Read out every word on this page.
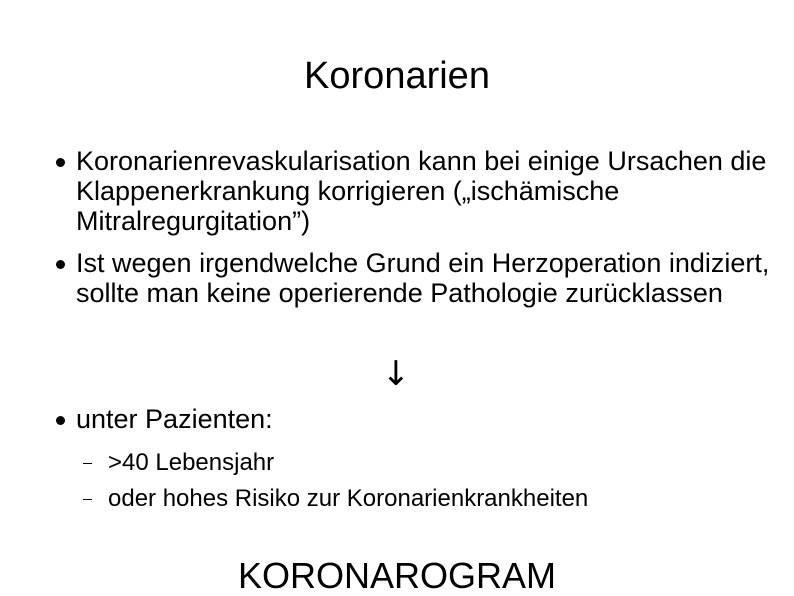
Koronarien
Koronarienrevaskularisation kann bei einige Ursachen die Klappenerkrankung korrigieren („ischämische Mitralregurgitation”)
Ist wegen irgendwelche Grund ein Herzoperation indiziert, sollte man keine operierende Pathologie zurücklassen
↓
unter Pazienten:
>40 Lebensjahr
oder hohes Risiko zur Koronarienkrankheiten
KORONAROGRAM
